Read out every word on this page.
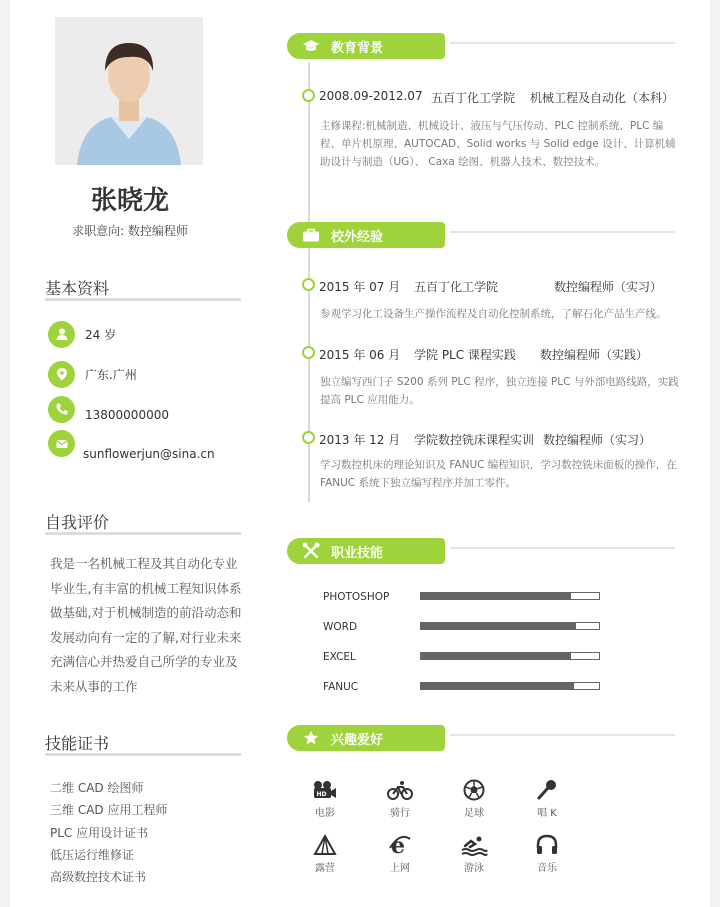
张晓龙
求职意向: 数控编程师
基本资料
24 岁
广东.广州
13800000000
sunflowerjun@sina.cn
自我评价
我是一名机械工程及其自动化专业毕业生,有丰富的机械工程知识体系做基础,对于机械制造的前沿动态和发展动向有一定的了解,对行业未来充满信心并热爱自己所学的专业及未来从事的工作
技能证书
二维 CAD 绘图师
三维 CAD 应用工程师
PLC 应用设计证书
低压运行维修证
高级数控技术证书
教育背景
2008.09-2012.07 五百丁化工学院 机械工程及自动化（本科）
主修课程:机械制造、机械设计、液压与气压传动、PLC 控制系统、PLC 编程、单片机原理、AUTOCAD、Solid works 与 Solid edge 设计、计算机辅助设计与制造（UG）、 Caxa 绘图、机器人技术、数控技术。
校外经验
2015 年 07 月 五百丁化工学院	数控编程师（实习）
参观学习化工设备生产操作流程及自动化控制系统，了解石化产品生产线。
2015 年 06 月 学院 PLC 课程实践 数控编程师（实践）
独立编写西门子 S200 系列 PLC 程序，独立连接 PLC 与外部电路线路，实践提高 PLC 应用能力。
2013 年 12 月 学院数控铣床课程实训 数控编程师（实习）
学习数控机床的理论知识及 FANUC 编程知识，学习数控铣床面板的操作，在 FANUC 系统下独立编写程序并加工零件。
职业技能
兴趣爱好
HD
电影	骑行	足球	唱 K
露营
e
上网	游泳	音乐
PHOTOSHOP
WORD
EXCEL
FANUC
